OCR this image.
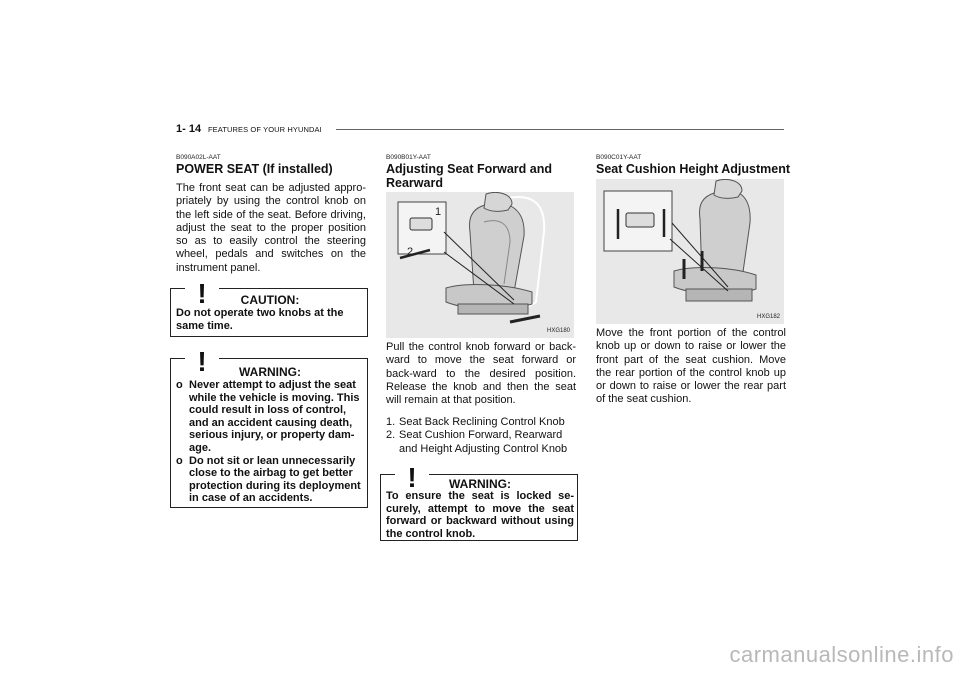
1- 14 FEATURES OF YOUR HYUNDAI
B090A02L-AAT
POWER SEAT (If installed)
The front seat can be adjusted appro-priately by using the control knob on the left side of the seat. Before driving, adjust the seat to the proper position so as to easily control the steering wheel, pedals and switches on the instrument panel.
!	CAUTION:
Do not operate two knobs at the same time.
!	WARNING:
o Never attempt to adjust the seat while the vehicle is moving. This could result in loss of control, and an accident causing death, serious injury, or property dam-age.
o Do not sit or lean unnecessarily close to the airbag to get better protection during its deployment in case of an accidents.
B090B01Y-AAT
Adjusting Seat Forward and Rearward
1
2
HXG180
Pull the control knob forward or back-ward to move the seat forward or back-ward to the desired position. Release the knob and then the seat will remain at that position.
1. Seat Back Reclining Control Knob
2. Seat Cushion Forward, Rearward and Height Adjusting Control Knob
!	WARNING:
To ensure the seat is locked se-curely, attempt to move the seat forward or backward without using the control knob.
B090C01Y-AAT
Seat Cushion Height Adjustment
HXG182
Move the front portion of the control knob up or down to raise or lower the front part of the seat cushion. Move the rear portion of the control knob up or down to raise or lower the rear part of the seat cushion.
carmanualsonline.info
